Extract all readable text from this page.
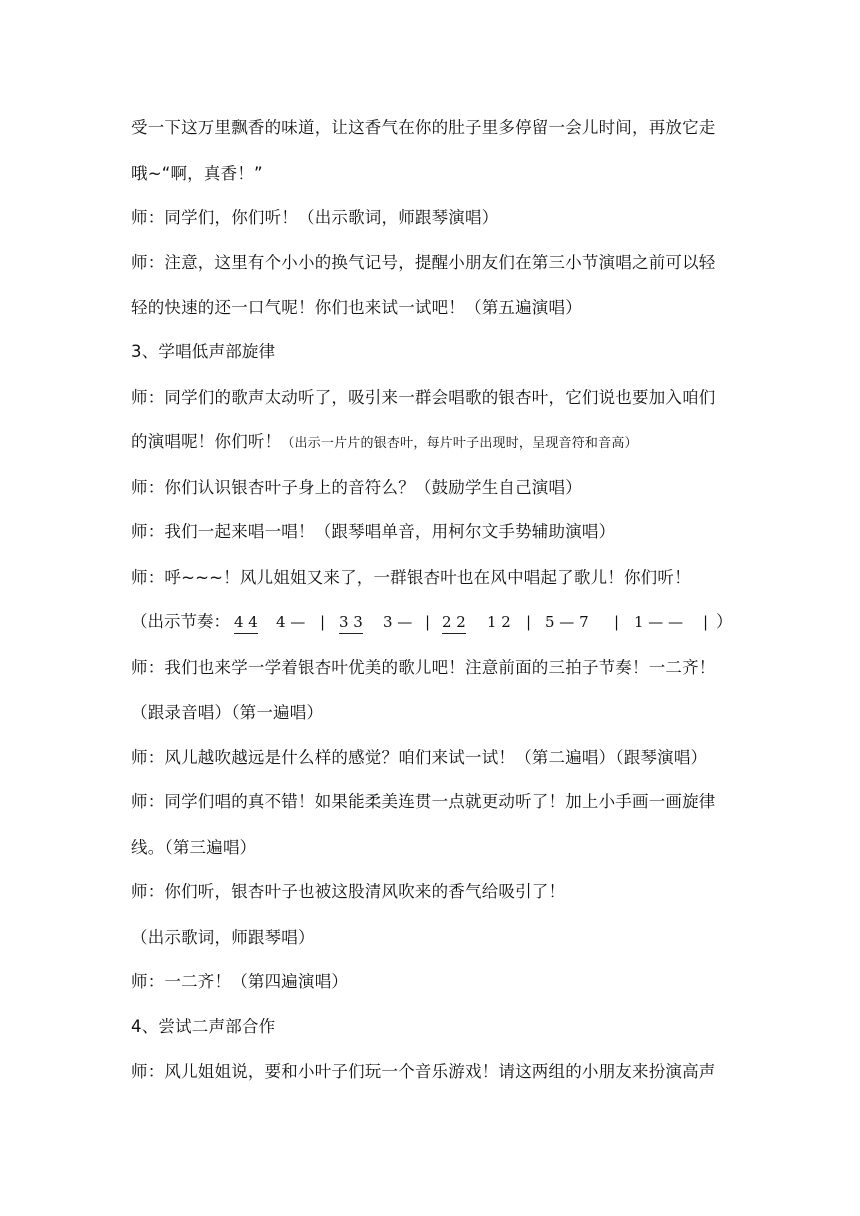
受一下这万里飘香的味道，让这香气在你的肚子里多停留一会儿时间，再放它走
哦~“啊，真香！”
师：同学们，你们听！（出示歌词，师跟琴演唱）
师：注意，这里有个小小的换气记号，提醒小朋友们在第三小节演唱之前可以轻
轻的快速的还一口气呢！你们也来试一试吧！（第五遍演唱）
3、学唱低声部旋律
师：同学们的歌声太动听了，吸引来一群会唱歌的银杏叶，它们说也要加入咱们
的演唱呢！你们听！（出示一片片的银杏叶，每片叶子出现时，呈现音符和音高）
师：你们认识银杏叶子身上的音符么？（鼓励学生自己演唱）
师：我们一起来唱一唱！（跟琴唱单音，用柯尔文手势辅助演唱）
师：呼~~~！风儿姐姐又来了，一群银杏叶也在风中唱起了歌儿！你们听！
（出示节奏： 4 4 4 — | 3 3 3 — | 2 2 1 2 | 5 — 7 | 1 — — | ）
师：我们也来学一学着银杏叶优美的歌儿吧！注意前面的三拍子节奏！一二齐！
（跟录音唱）（第一遍唱）
师：风儿越吹越远是什么样的感觉？咱们来试一试！（第二遍唱）（跟琴演唱）
师：同学们唱的真不错！如果能柔美连贯一点就更动听了！加上小手画一画旋律
线。（第三遍唱）
师：你们听，银杏叶子也被这股清风吹来的香气给吸引了！
（出示歌词，师跟琴唱）
师：一二齐！（第四遍演唱）
4、尝试二声部合作
师：风儿姐姐说，要和小叶子们玩一个音乐游戏！请这两组的小朋友来扮演高声
